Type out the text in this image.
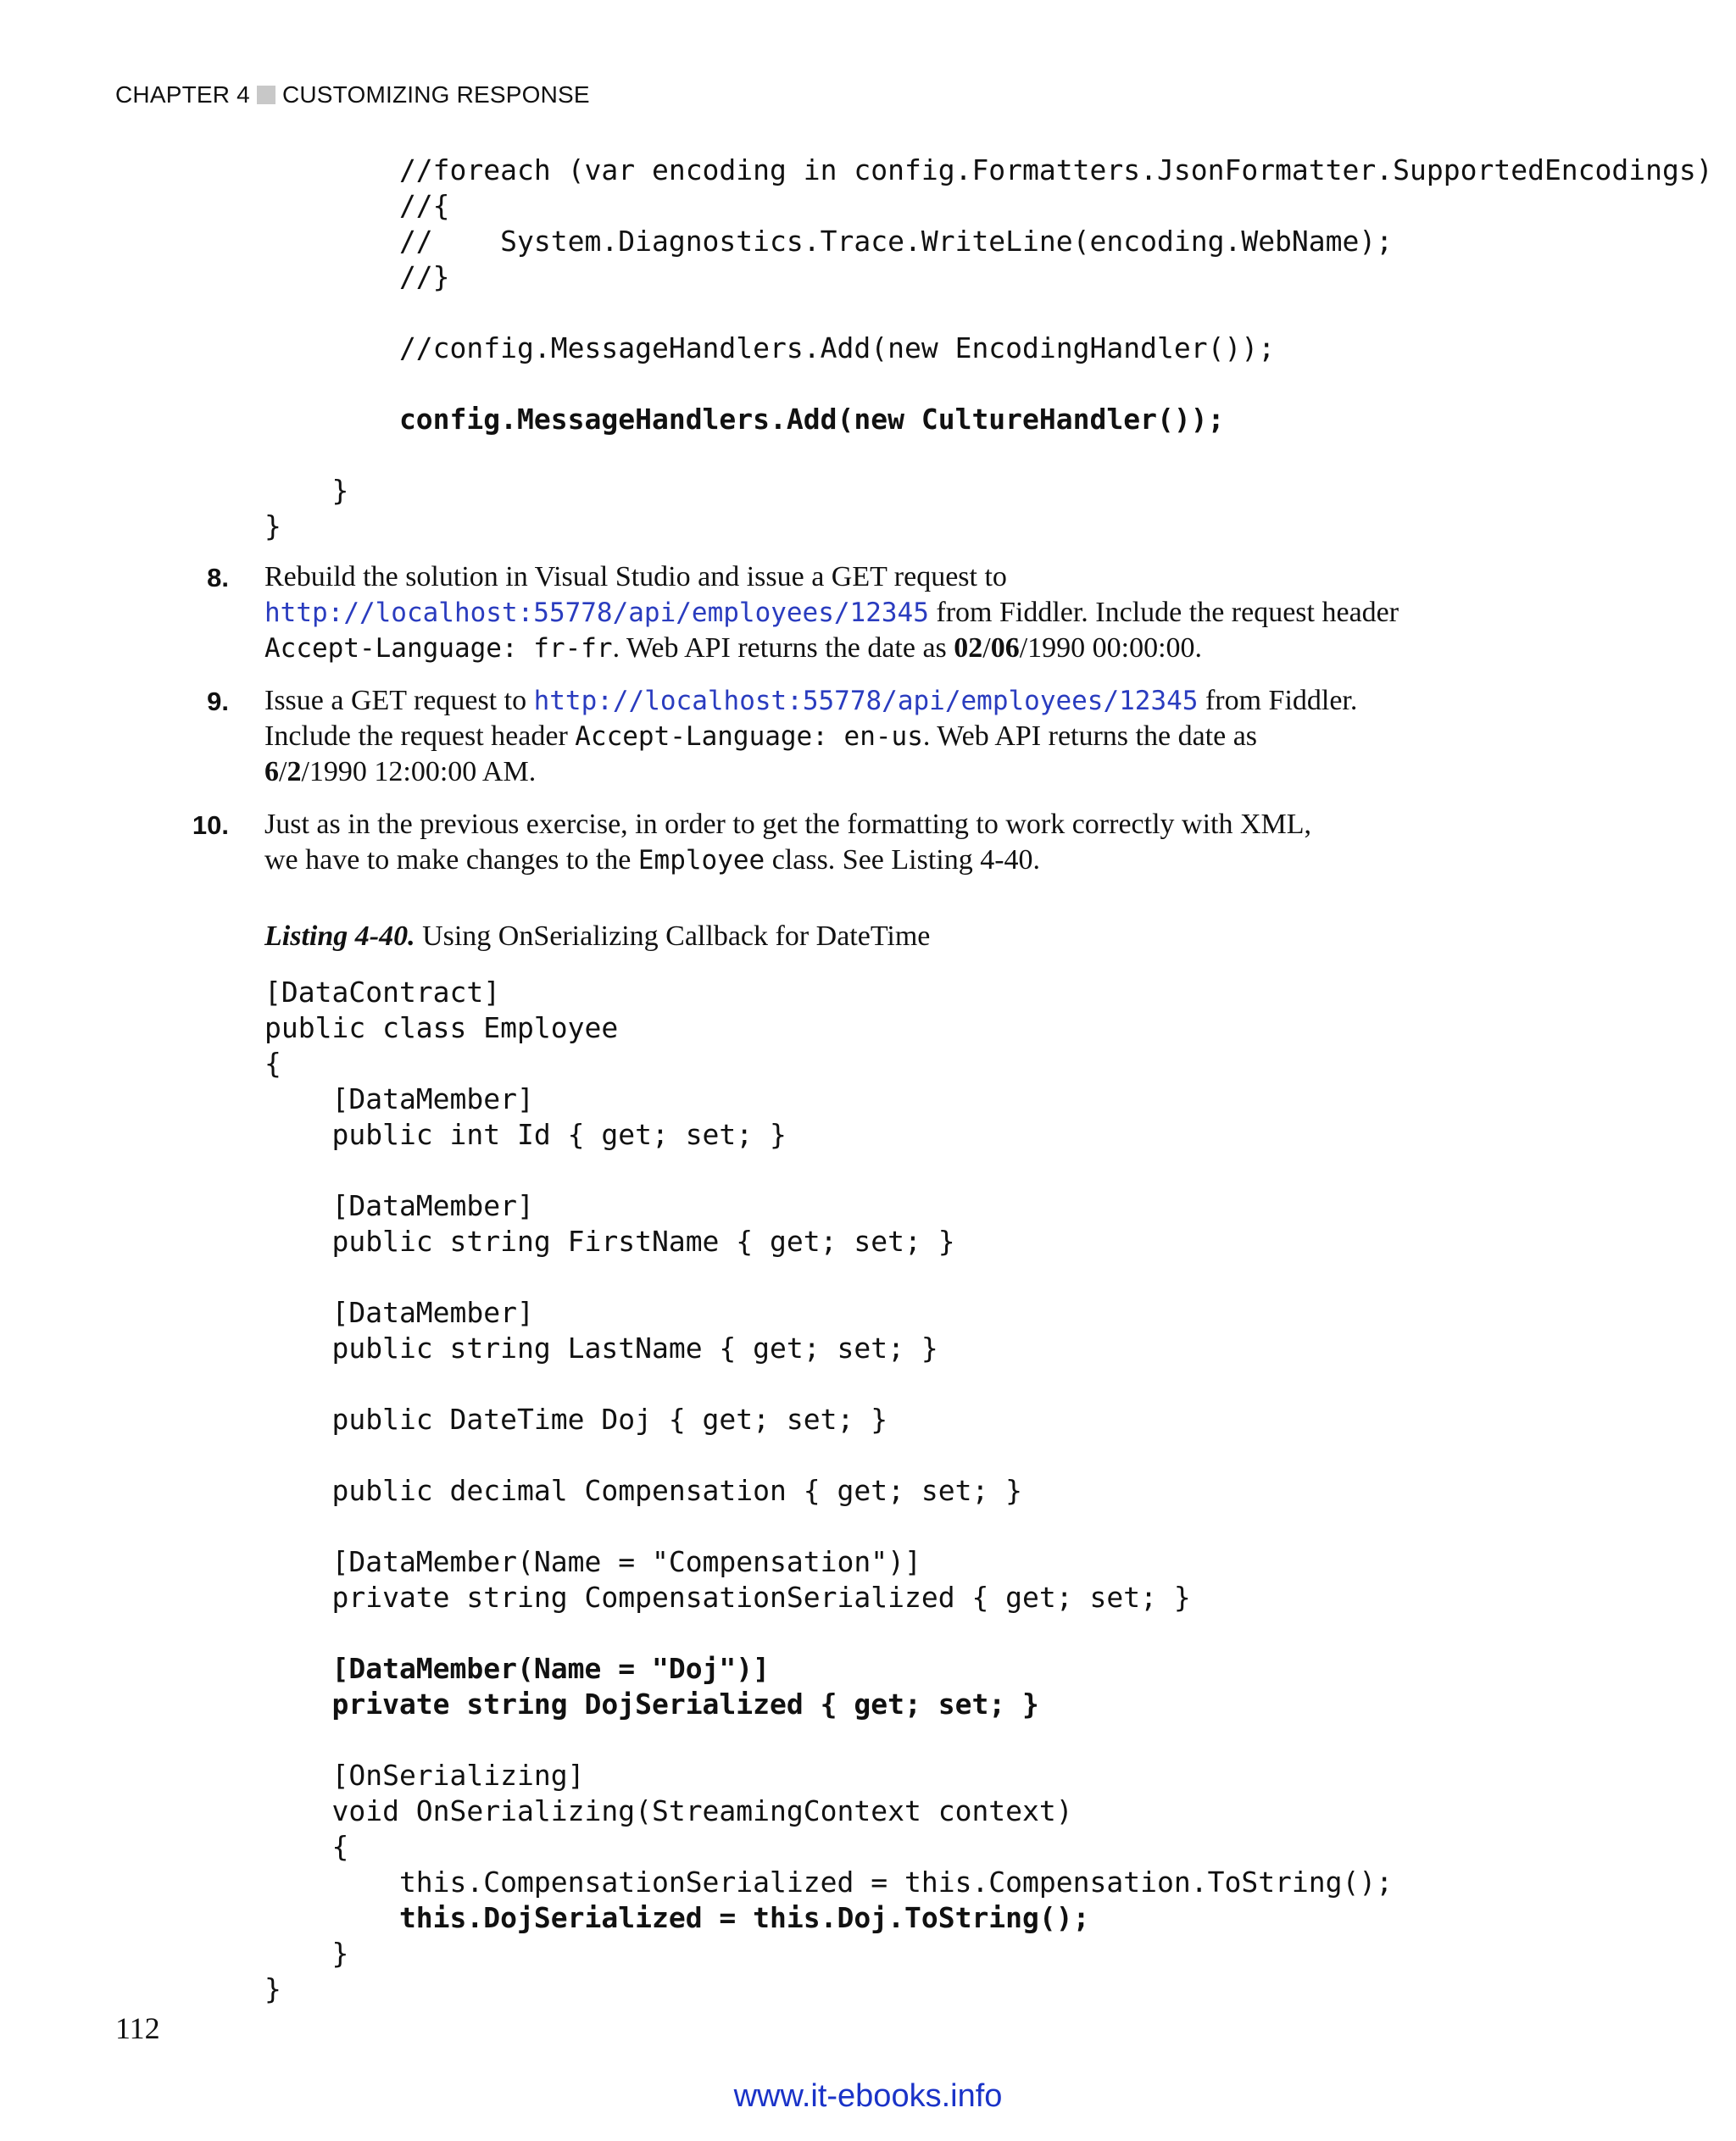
CHAPTER 4 CUSTOMIZING RESPONSE
//foreach (var encoding in config.Formatters.JsonFormatter.SupportedEncodings)
//{
//    System.Diagnostics.Trace.WriteLine(encoding.WebName);
//}

//config.MessageHandlers.Add(new EncodingHandler());

config.MessageHandlers.Add(new CultureHandler());

}
}
8. Rebuild the solution in Visual Studio and issue a GET request to
http://localhost:55778/api/employees/12345 from Fiddler. Include the request header
Accept-Language: fr-fr. Web API returns the date as 02/06/1990 00:00:00.
9. Issue a GET request to http://localhost:55778/api/employees/12345 from Fiddler.
Include the request header Accept-Language: en-us. Web API returns the date as
6/2/1990 12:00:00 AM.
10. Just as in the previous exercise, in order to get the formatting to work correctly with XML,
we have to make changes to the Employee class. See Listing 4-40.
Listing 4-40. Using OnSerializing Callback for DateTime
[DataContract]
public class Employee
{
[DataMember]
public int Id { get; set; }

[DataMember]
public string FirstName { get; set; }

[DataMember]
public string LastName { get; set; }

public DateTime Doj { get; set; }

public decimal Compensation { get; set; }

[DataMember(Name = "Compensation")]
private string CompensationSerialized { get; set; }

[DataMember(Name = "Doj")]
private string DojSerialized { get; set; }

[OnSerializing]
void OnSerializing(StreamingContext context)
{
this.CompensationSerialized = this.Compensation.ToString();
this.DojSerialized = this.Doj.ToString();
}
}
112
www.it-ebooks.info
